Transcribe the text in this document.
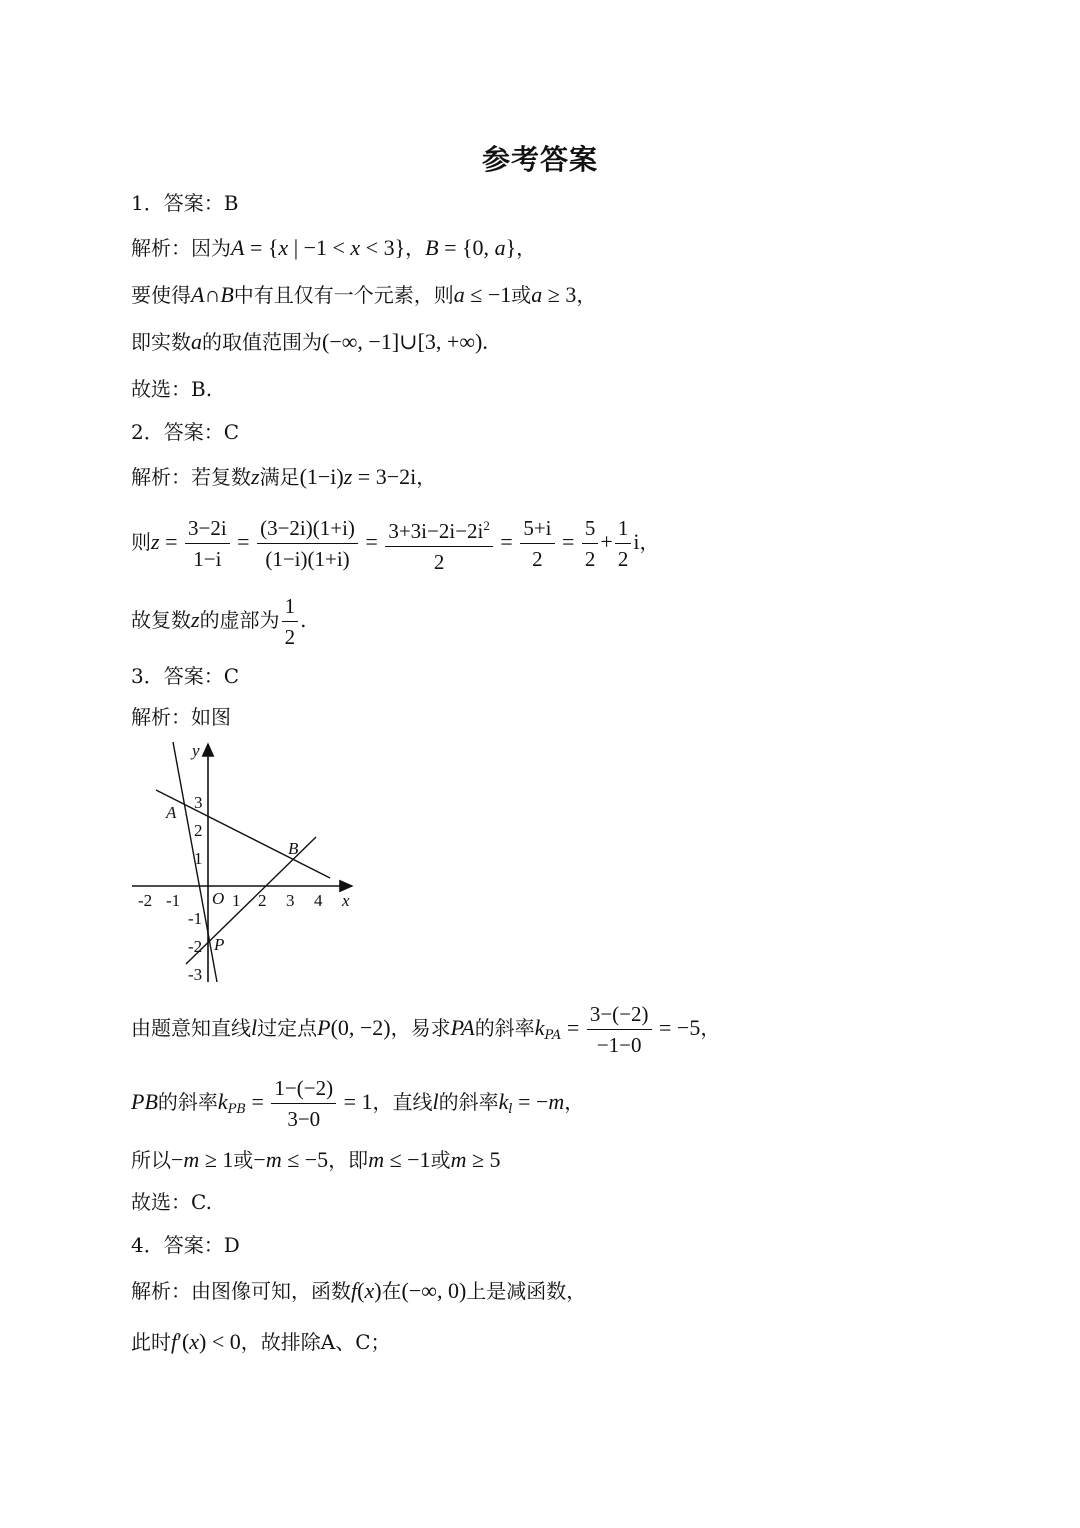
参考答案
1．答案：B
解析：因为A = {x | −1 < x < 3}，B = {0, a}，
要使得A∩B中有且仅有一个元素，则a ≤ −1或a ≥ 3，
即实数a的取值范围为(−∞, −1]∪[3, +∞).
故选：B.
2．答案：C
解析：若复数z满足(1−i)z = 3−2i，
则$z = \frac{3-2i}{1-i} = \frac{(3-2i)(1+i)}{(1-i)(1+i)} = \frac{3+3i-2i-2i^2}{2} = \frac{5+i}{2} = \frac{5}{2} + \frac{1}{2}$ i，
故复数z的虚部为 $\frac{1}{2}$ .
3．答案：C
解析：如图
-2 -1	1 2 3 4
3
2
1
-1
-2
-3
O	x
y
A
B
P
由题意知直线l过定点P(0, −2)，易求PA的斜率$k_{PA} = \frac{3-(-2)}{-1-0} = -5$，
PB的斜率$k_{PB} = \frac{1-(-2)}{3-0} = 1$，直线l的斜率$k_l = -m$，
所以−m ≥ 1或−m ≤ −5，即m ≤ −1或m ≥ 5
故选：C.
4．答案：D
解析：由图像可知，函数f(x)在(−∞, 0)上是减函数，
此时f′(x) < 0，故排除A、C；
